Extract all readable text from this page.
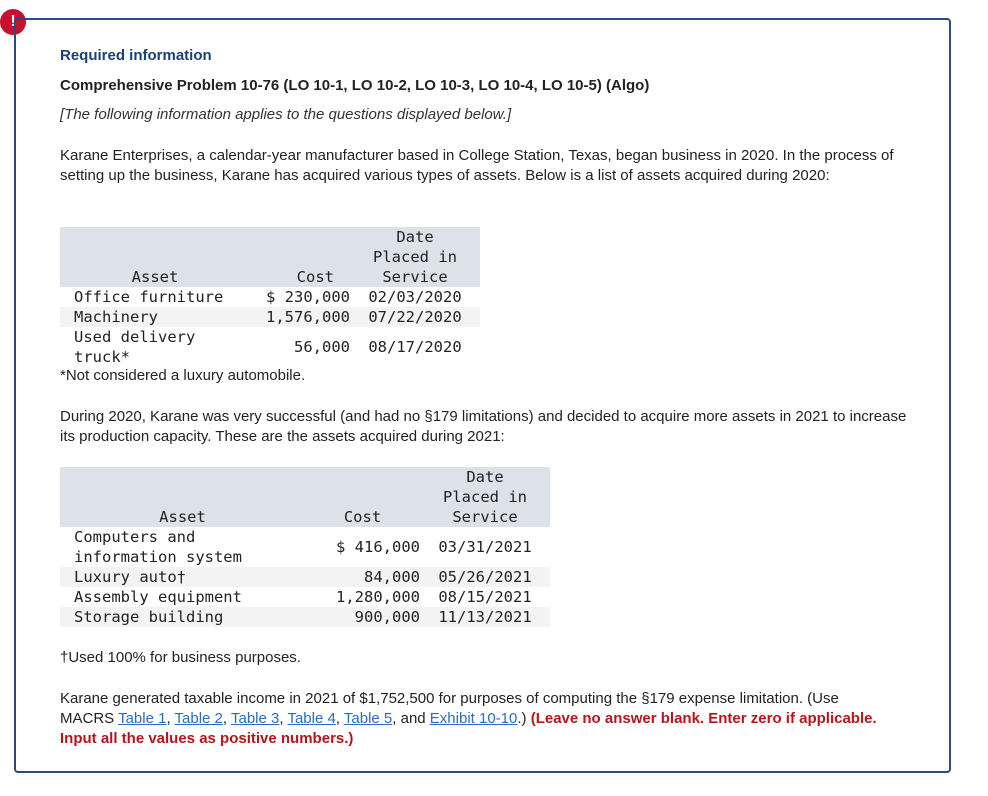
!
Required information
Comprehensive Problem 10-76 (LO 10-1, LO 10-2, LO 10-3, LO 10-4, LO 10-5) (Algo)
[The following information applies to the questions displayed below.]
Karane Enterprises, a calendar-year manufacturer based in College Station, Texas, began business in 2020. In the process of setting up the business, Karane has acquired various types of assets. Below is a list of assets acquired during 2020:
		Date
		Placed in
Asset	Cost	Service
Office furniture	$ 230,000	02/03/2020
Machinery	1,576,000	07/22/2020

Used delivery
truck*	56,000	08/17/2020
*Not considered a luxury automobile.
During 2020, Karane was very successful (and had no §179 limitations) and decided to acquire more assets in 2021 to increase its production capacity. These are the assets acquired during 2021:
		Date
		Placed in
Asset	Cost	Service

Computers and
information system	$ 416,000	03/31/2021
Luxury auto†	84,000	05/26/2021
Assembly equipment	1,280,000	08/15/2021
Storage building	900,000	11/13/2021
†Used 100% for business purposes.
Karane generated taxable income in 2021 of $1,752,500 for purposes of computing the §179 expense limitation. (Use MACRS Table 1, Table 2, Table 3, Table 4, Table 5, and Exhibit 10-10.) (Leave no answer blank. Enter zero if applicable. Input all the values as positive numbers.)
